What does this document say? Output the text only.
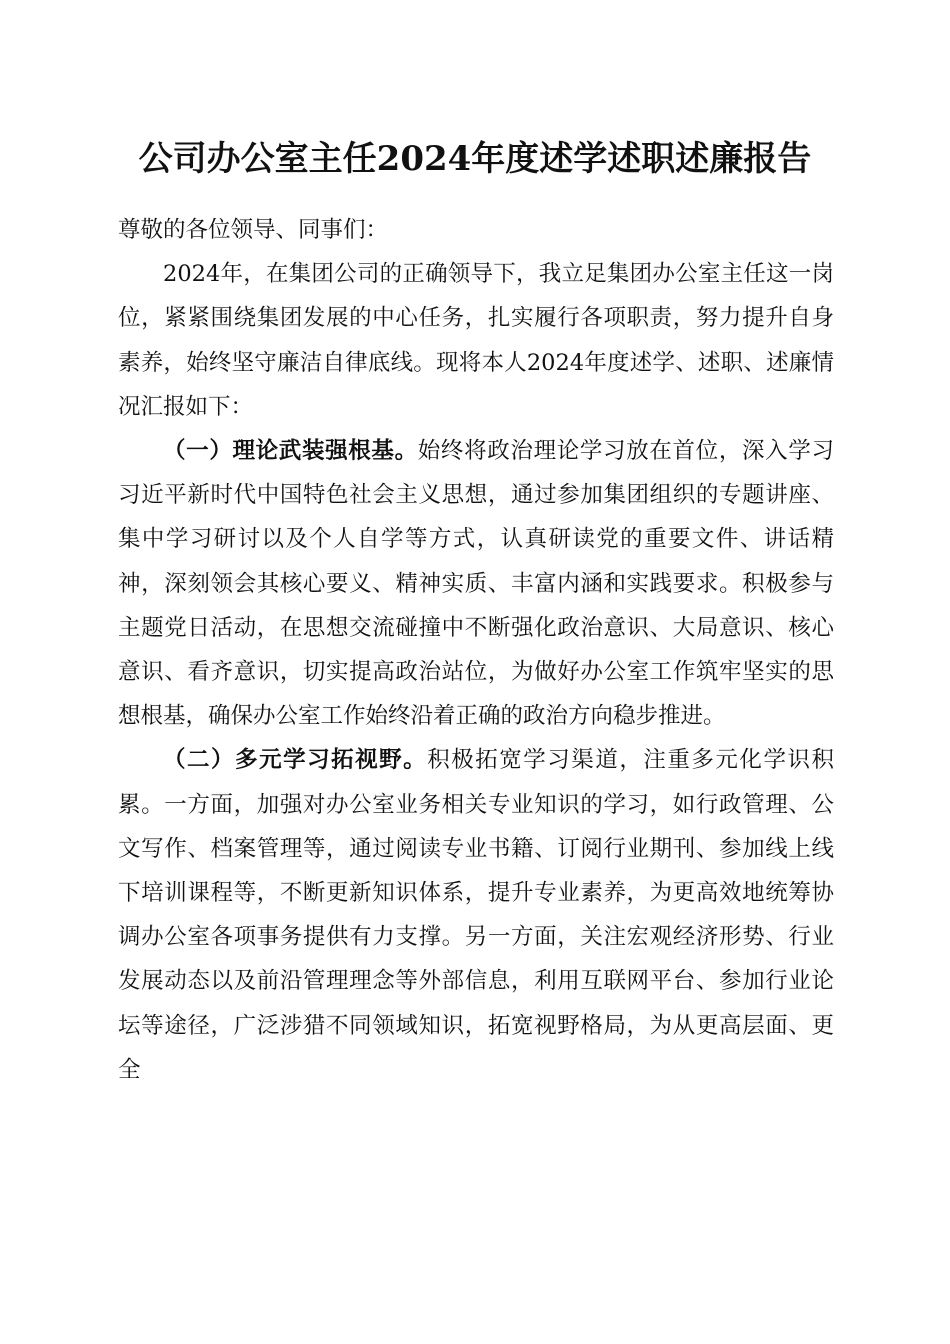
公司办公室主任2024年度述学述职述廉报告

尊敬的各位领导、同事们：

2024年，在集团公司的正确领导下，我立足集团办公室主任这一岗位，紧紧围绕集团发展的中心任务，扎实履行各项职责，努力提升自身素养，始终坚守廉洁自律底线。现将本人2024年度述学、述职、述廉情况汇报如下：

（一）理论武装强根基。始终将政治理论学习放在首位，深入学习习近平新时代中国特色社会主义思想，通过参加集团组织的专题讲座、集中学习研讨以及个人自学等方式，认真研读党的重要文件、讲话精神，深刻领会其核心要义、精神实质、丰富内涵和实践要求。积极参与主题党日活动，在思想交流碰撞中不断强化政治意识、大局意识、核心意识、看齐意识，切实提高政治站位，为做好办公室工作筑牢坚实的思想根基，确保办公室工作始终沿着正确的政治方向稳步推进。

（二）多元学习拓视野。积极拓宽学习渠道，注重多元化学识积累。一方面，加强对办公室业务相关专业知识的学习，如行政管理、公文写作、档案管理等，通过阅读专业书籍、订阅行业期刊、参加线上线下培训课程等，不断更新知识体系，提升专业素养，为更高效地统筹协调办公室各项事务提供有力支撑。另一方面，关注宏观经济形势、行业发展动态以及前沿管理理念等外部信息，利用互联网平台、参加行业论坛等途径，广泛涉猎不同领域知识，拓宽视野格局，为从更高层面、更全
